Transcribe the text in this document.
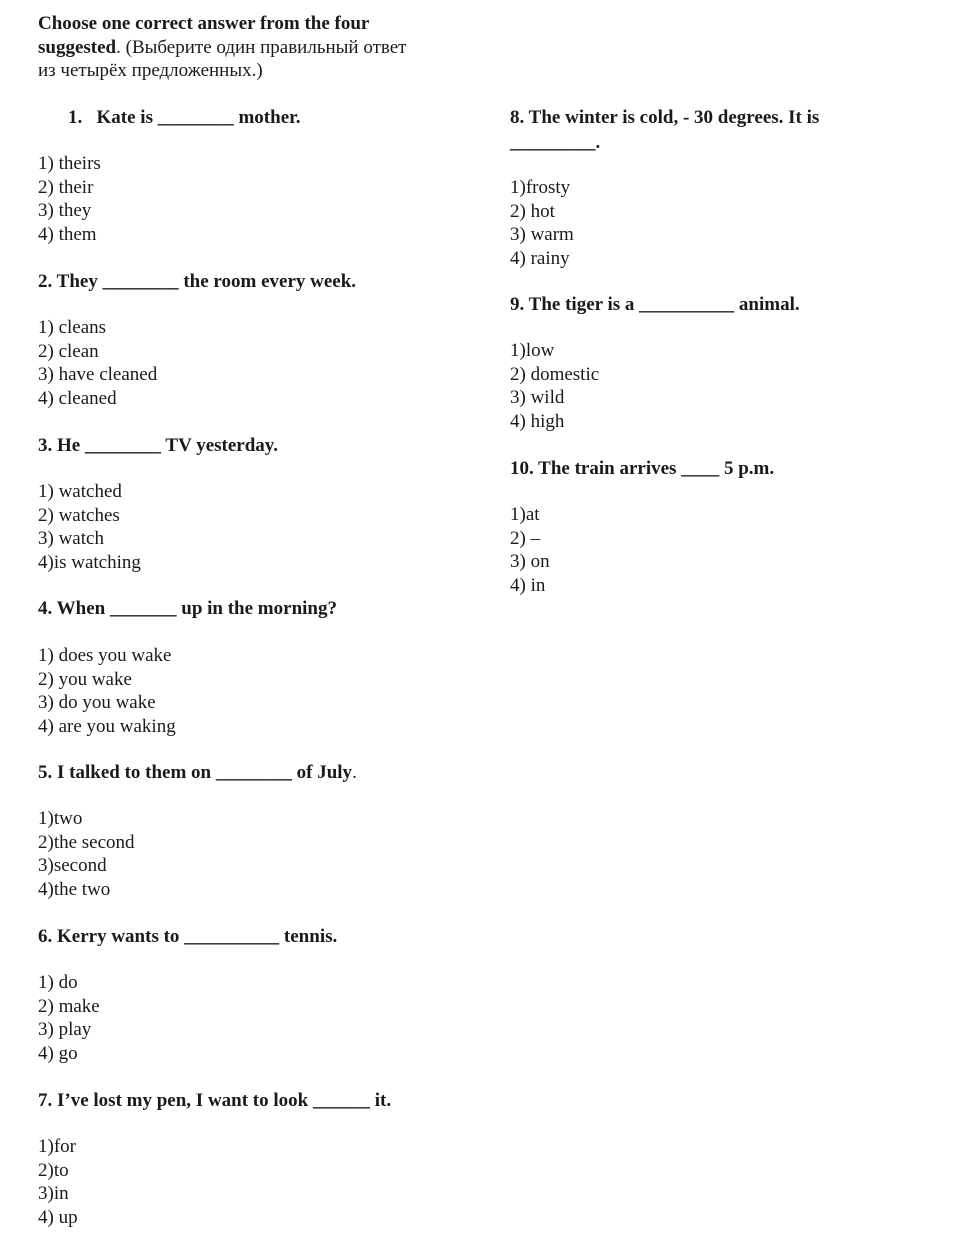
Choose one correct answer from the four
suggested. (Выберите один правильный ответ
из четырёх предложенных.)
1. Kate is ________ mother.
1) theirs
2) their
3) they
4) them
2. They ________ the room every week.
1) cleans
2) clean
3) have cleaned
4) cleaned
3. He ________ TV yesterday.
1) watched
2) watches
3) watch
4)is watching
4. When _______ up in the morning?
1) does you wake
2) you wake
3) do you wake
4) are you waking
5. I talked to them on ________ of July.
1)two
2)the second
3)second
4)the two
6. Kerry wants to __________ tennis.
1) do
2) make
3) play
4) go
7. I’ve lost my pen, I want to look ______ it.
1)for
2)to
3)in
4) up
8. The winter is cold, - 30 degrees. It is
_________.
1)frosty
2) hot
3) warm
4) rainy
9. The tiger is a __________ animal.
1)low
2) domestic
3) wild
4) high
10. The train arrives ____ 5 p.m.
1)at
2) –
3) on
4) in
